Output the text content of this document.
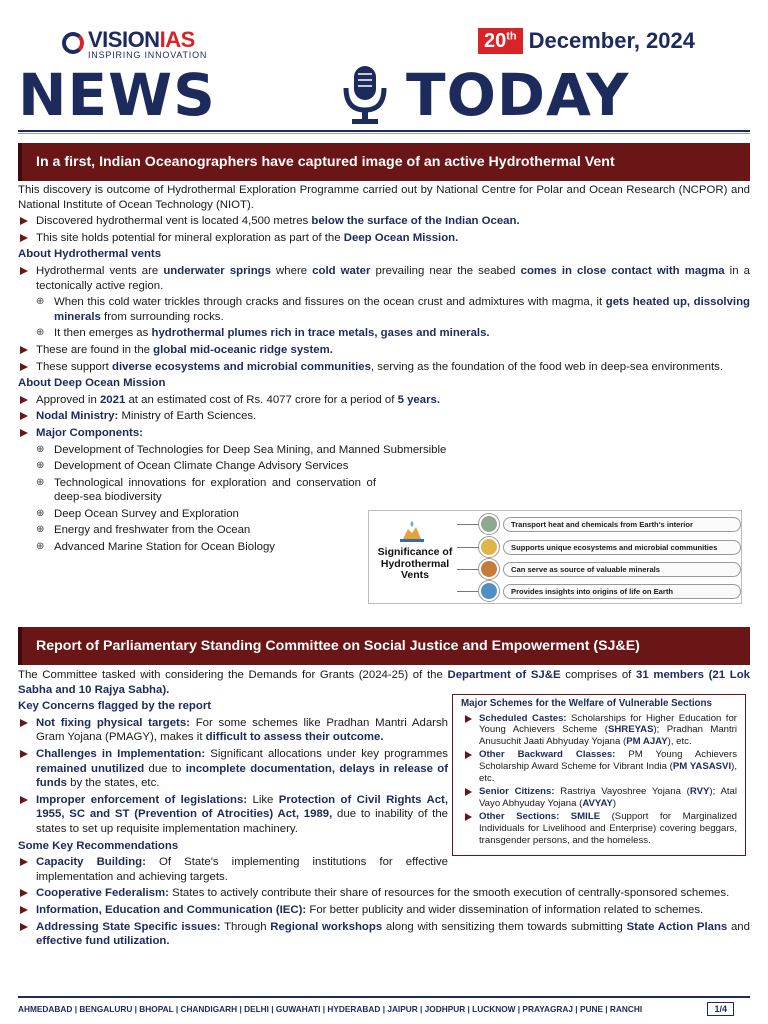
VISIONIAS
INSPIRING INNOVATION
20th December, 2024
NEWS	TODAY
In a first, Indian Oceanographers have captured image of an active Hydrothermal Vent

This discovery is outcome of Hydrothermal Exploration Programme carried out by National Centre for Polar and Ocean Research (NCPOR) and National Institute of Ocean Technology (NIOT).

Discovered hydrothermal vent is located 4,500 metres below the surface of the Indian Ocean.
This site holds potential for mineral exploration as part of the Deep Ocean Mission.
About Hydrothermal vents
Hydrothermal vents are underwater springs where cold water prevailing near the seabed comes in close contact with magma in a tectonically active region.
⊕ When this cold water trickles through cracks and fissures on the ocean crust and admixtures with magma, it gets heated up, dissolving minerals from surrounding rocks.
⊕ It then emerges as hydrothermal plumes rich in trace metals, gases and minerals.
These are found in the global mid-oceanic ridge system.
These support diverse ecosystems and microbial communities, serving as the foundation of the food web in deep-sea environments.
About Deep Ocean Mission
Approved in 2021 at an estimated cost of Rs. 4077 crore for a period of 5 years.
Nodal Ministry: Ministry of Earth Sciences.
Major Components:
⊕ Development of Technologies for Deep Sea Mining, and Manned Submersible
⊕ Development of Ocean Climate Change Advisory Services
⊕ Technological innovations for exploration and conservation of deep-sea biodiversity
⊕ Deep Ocean Survey and Exploration
⊕ Energy and freshwater from the Ocean
⊕ Advanced Marine Station for Ocean Biology	Significance of Hydrothermal Vents
Transport heat and chemicals from Earth's interior
Supports unique ecosystems and microbial communities
Can serve as source of valuable minerals
Provides insights into origins of life on Earth
Report of Parliamentary Standing Committee on Social Justice and Empowerment (SJ&E)

The Committee tasked with considering the Demands for Grants (2024-25) of the Department of SJ&E comprises of 31 members (21 Lok Sabha and 10 Rajya Sabha).

Key Concerns flagged by the report
Not fixing physical targets: For some schemes like Pradhan Mantri Adarsh Gram Yojana (PMAGY), makes it difficult to assess their outcome.
Challenges in Implementation: Significant allocations under key programmes remained unutilized due to incomplete documentation, delays in release of funds by the states, etc.
Improper enforcement of legislations: Like Protection of Civil Rights Act, 1955, SC and ST (Prevention of Atrocities) Act, 1989, due to inability of the states to set up requisite implementation machinery.
Some Key Recommendations
Capacity Building: Of State's implementing institutions for effective implementation and achieving targets.
Cooperative Federalism: States to actively contribute their share of resources for the smooth execution of centrally-sponsored schemes.
Information, Education and Communication (IEC): For better publicity and wider dissemination of information related to schemes.
Addressing State Specific issues: Through Regional workshops along with sensitizing them towards submitting State Action Plans and effective fund utilization.
Major Schemes for the Welfare of Vulnerable Sections
Scheduled Castes: Scholarships for Higher Education for Young Achievers Scheme (SHREYAS); Pradhan Mantri Anusuchit Jaati Abhyuday Yojana (PM AJAY), etc.
Other Backward Classes: PM Young Achievers Scholarship Award Scheme for Vibrant India (PM YASASVI), etc.
Senior Citizens: Rastriya Vayoshree Yojana (RVY); Atal Vayo Abhyuday Yojana (AVYAY)
Other Sections: SMILE (Support for Marginalized Individuals for Livelihood and Enterprise) covering beggars, transgender persons, and the homeless.
AHMEDABAD | BENGALURU | BHOPAL | CHANDIGARH | DELHI | GUWAHATI | HYDERABAD | JAIPUR | JODHPUR | LUCKNOW | PRAYAGRAJ | PUNE | RANCHI	1/4
